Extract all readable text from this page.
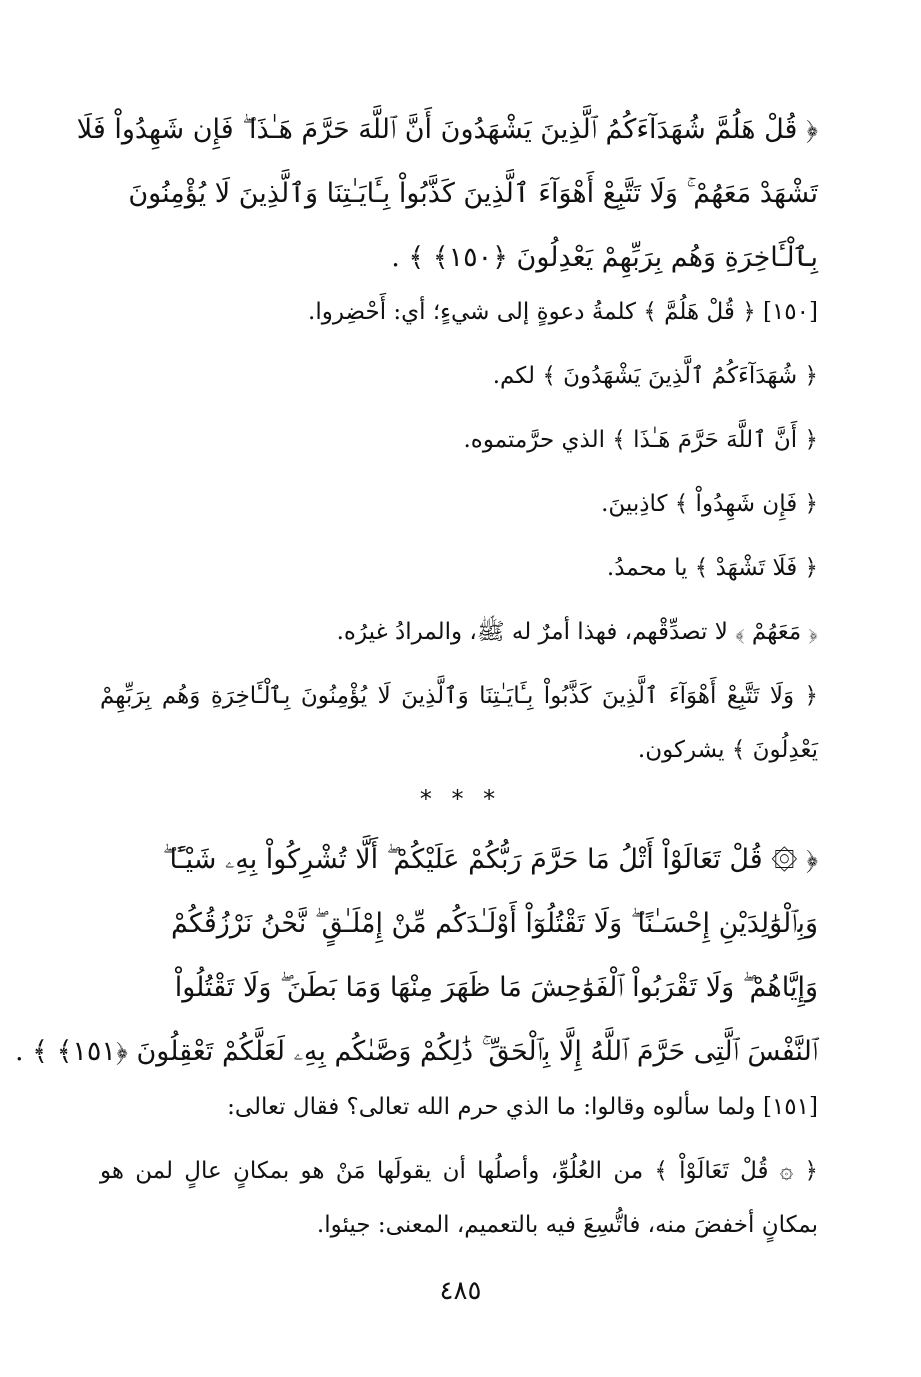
﴿ قُلْ هَلُمَّ شُهَدَآءَكُمُ ٱلَّذِينَ يَشْهَدُونَ أَنَّ ٱللَّهَ حَرَّمَ هَـٰذَا ۖ فَإِن شَهِدُواْ فَلَا
تَشْهَدْ مَعَهُمْ ۚ وَلَا تَتَّبِعْ أَهْوَآءَ ٱلَّذِينَ كَذَّبُواْ بِـَٔايَـٰتِنَا وَٱلَّذِينَ لَا يُؤْمِنُونَ
بِٱلْـَٔاخِرَةِ وَهُم بِرَبِّهِمْ يَعْدِلُونَ ﴿١٥٠﴾ ﴾ .
[١٥٠] ﴿ قُلْ هَلُمَّ ﴾ كلمةُ دعوةٍ إلى شيءٍ؛ أي: أَحْضِروا.
﴿ شُهَدَآءَكُمُ ٱلَّذِينَ يَشْهَدُونَ ﴾ لكم.
﴿ أَنَّ ٱللَّهَ حَرَّمَ هَـٰذَا ﴾ الذي حرَّمتموه.
﴿ فَإِن شَهِدُواْ ﴾ كاذِبينَ.
﴿ فَلَا تَشْهَدْ ﴾ يا محمدُ.
﴿ مَعَهُمْ ﴾ لا تصدِّقْهم، فهذا أمرٌ له ﷺ، والمرادُ غيرُه.
﴿ وَلَا تَتَّبِعْ أَهْوَآءَ ٱلَّذِينَ كَذَّبُواْ بِـَٔايَـٰتِنَا وَٱلَّذِينَ لَا يُؤْمِنُونَ بِٱلْـَٔاخِرَةِ وَهُم بِرَبِّهِمْ يَعْدِلُونَ ﴾ يشركون.
* * *
﴿ ۞ قُلْ تَعَالَوْاْ أَتْلُ مَا حَرَّمَ رَبُّكُمْ عَلَيْكُمْ ۖ أَلَّا تُشْرِكُواْ بِهِۦ شَيْـًٔا ۖ
وَبِٱلْوَٰلِدَيْنِ إِحْسَـٰنًا ۖ وَلَا تَقْتُلُوٓاْ أَوْلَـٰدَكُم مِّنْ إِمْلَـٰقٍ ۖ نَّحْنُ نَرْزُقُكُمْ
وَإِيَّاهُمْ ۖ وَلَا تَقْرَبُواْ ٱلْفَوَٰحِشَ مَا ظَهَرَ مِنْهَا وَمَا بَطَنَ ۖ وَلَا تَقْتُلُواْ
ٱلنَّفْسَ ٱلَّتِى حَرَّمَ ٱللَّهُ إِلَّا بِٱلْحَقِّ ۚ ذَٰلِكُمْ وَصَّىٰكُم بِهِۦ لَعَلَّكُمْ تَعْقِلُونَ ﴿١٥١﴾ ﴾ .
[١٥١] ولما سألوه وقالوا: ما الذي حرم الله تعالى؟ فقال تعالى:
﴿ ۞ قُلْ تَعَالَوْاْ ﴾ من العُلُوِّ، وأصلُها أن يقولَها مَنْ هو بمكانٍ عالٍ لمن هو بمكانٍ أخفضَ منه، فاتُّسِعَ فيه بالتعميم، المعنى: جيئوا.
٤٨٥
